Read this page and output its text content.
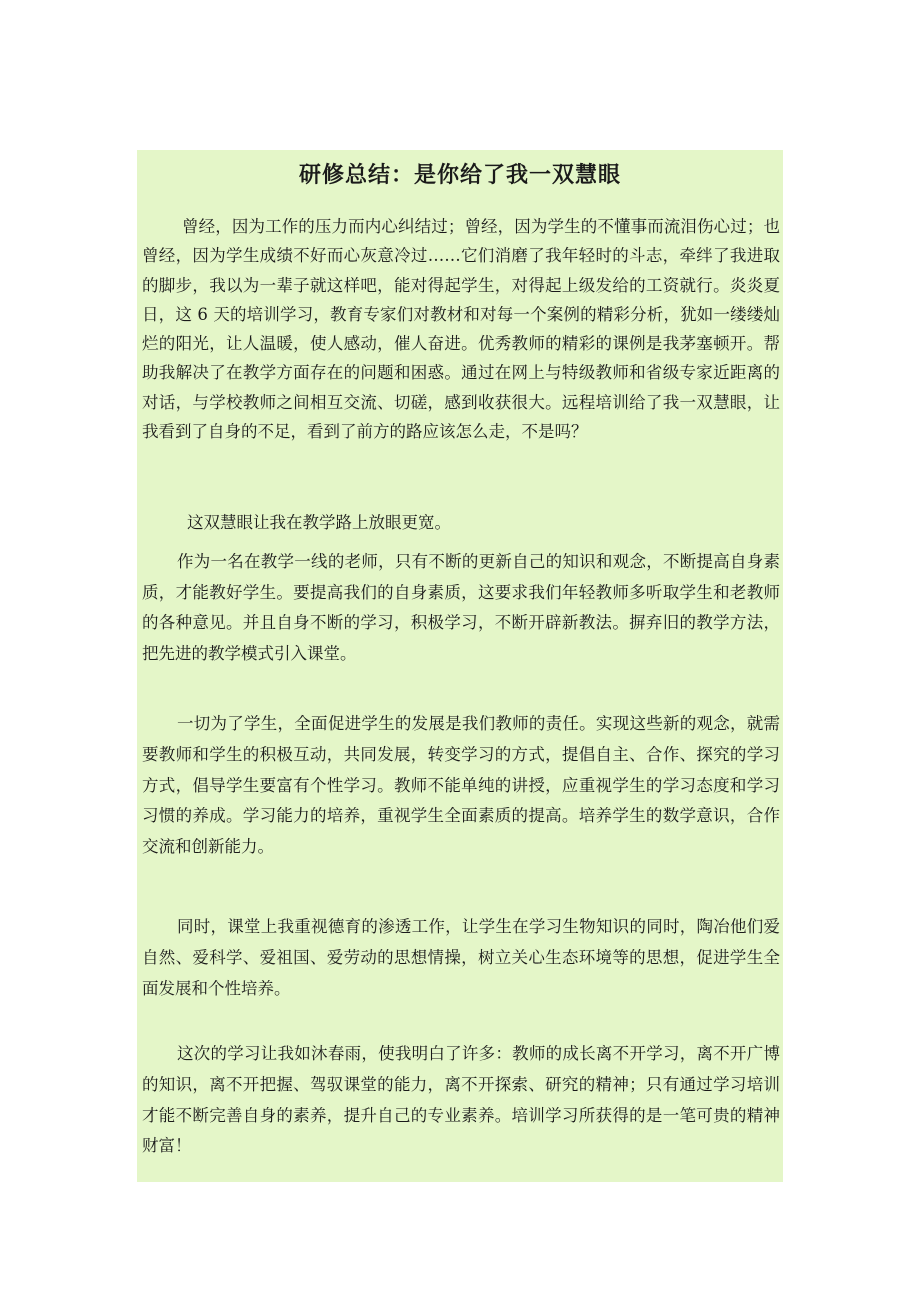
研修总结：是你给了我一双慧眼

曾经，因为工作的压力而内心纠结过；曾经，因为学生的不懂事而流泪伤心过；也曾经，因为学生成绩不好而心灰意冷过……它们消磨了我年轻时的斗志，牵绊了我进取的脚步，我以为一辈子就这样吧，能对得起学生，对得起上级发给的工资就行。炎炎夏日，这 6 天的培训学习，教育专家们对教材和对每一个案例的精彩分析，犹如一缕缕灿烂的阳光，让人温暖，使人感动，催人奋进。优秀教师的精彩的课例是我茅塞顿开。帮助我解决了在教学方面存在的问题和困惑。通过在网上与特级教师和省级专家近距离的对话，与学校教师之间相互交流、切磋，感到收获很大。远程培训给了我一双慧眼，让我看到了自身的不足，看到了前方的路应该怎么走，不是吗？

这双慧眼让我在教学路上放眼更宽。

作为一名在教学一线的老师，只有不断的更新自己的知识和观念，不断提高自身素质，才能教好学生。要提高我们的自身素质，这要求我们年轻教师多听取学生和老教师的各种意见。并且自身不断的学习，积极学习，不断开辟新教法。摒弃旧的教学方法，把先进的教学模式引入课堂。

一切为了学生，全面促进学生的发展是我们教师的责任。实现这些新的观念，就需要教师和学生的积极互动，共同发展，转变学习的方式，提倡自主、合作、探究的学习方式，倡导学生要富有个性学习。教师不能单纯的讲授，应重视学生的学习态度和学习习惯的养成。学习能力的培养，重视学生全面素质的提高。培养学生的数学意识，合作交流和创新能力。

同时，课堂上我重视德育的渗透工作，让学生在学习生物知识的同时，陶冶他们爱自然、爱科学、爱祖国、爱劳动的思想情操，树立关心生态环境等的思想，促进学生全面发展和个性培养。

这次的学习让我如沐春雨，使我明白了许多：教师的成长离不开学习，离不开广博的知识，离不开把握、驾驭课堂的能力，离不开探索、研究的精神；只有通过学习培训才能不断完善自身的素养，提升自己的专业素养。培训学习所获得的是一笔可贵的精神财富！
